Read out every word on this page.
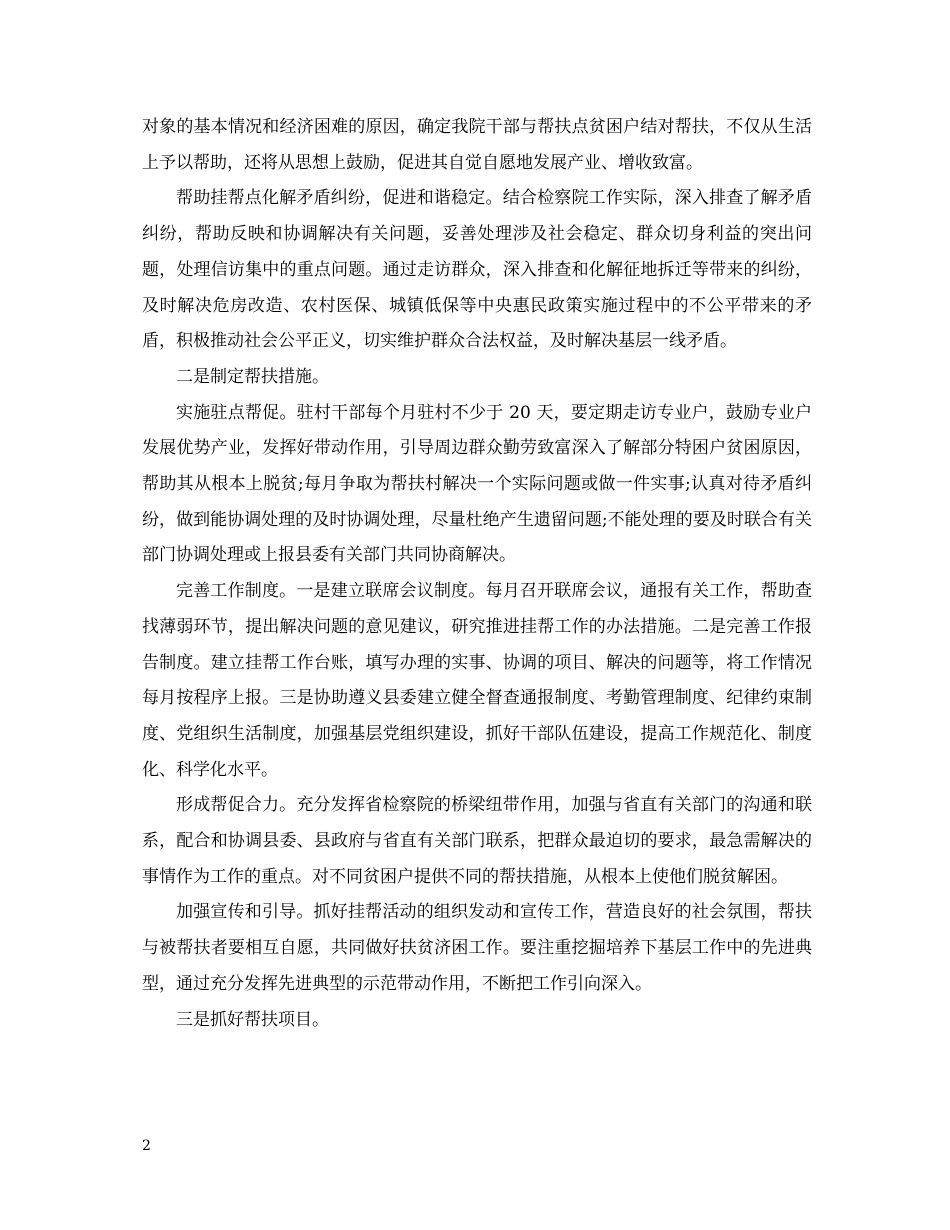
对象的基本情况和经济困难的原因，确定我院干部与帮扶点贫困户结对帮扶，不仅从生活上予以帮助，还将从思想上鼓励，促进其自觉自愿地发展产业、增收致富。

帮助挂帮点化解矛盾纠纷，促进和谐稳定。结合检察院工作实际，深入排查了解矛盾纠纷，帮助反映和协调解决有关问题，妥善处理涉及社会稳定、群众切身利益的突出问题，处理信访集中的重点问题。通过走访群众，深入排查和化解征地拆迁等带来的纠纷，及时解决危房改造、农村医保、城镇低保等中央惠民政策实施过程中的不公平带来的矛盾，积极推动社会公平正义，切实维护群众合法权益，及时解决基层一线矛盾。

二是制定帮扶措施。

实施驻点帮促。驻村干部每个月驻村不少于 20 天，要定期走访专业户，鼓励专业户发展优势产业，发挥好带动作用，引导周边群众勤劳致富深入了解部分特困户贫困原因，帮助其从根本上脱贫;每月争取为帮扶村解决一个实际问题或做一件实事;认真对待矛盾纠纷，做到能协调处理的及时协调处理，尽量杜绝产生遗留问题;不能处理的要及时联合有关部门协调处理或上报县委有关部门共同协商解决。

完善工作制度。一是建立联席会议制度。每月召开联席会议，通报有关工作，帮助查找薄弱环节，提出解决问题的意见建议，研究推进挂帮工作的办法措施。二是完善工作报告制度。建立挂帮工作台账，填写办理的实事、协调的项目、解决的问题等，将工作情况每月按程序上报。三是协助遵义县委建立健全督查通报制度、考勤管理制度、纪律约束制度、党组织生活制度，加强基层党组织建设，抓好干部队伍建设，提高工作规范化、制度化、科学化水平。

形成帮促合力。充分发挥省检察院的桥梁纽带作用，加强与省直有关部门的沟通和联系，配合和协调县委、县政府与省直有关部门联系，把群众最迫切的要求，最急需解决的事情作为工作的重点。对不同贫困户提供不同的帮扶措施，从根本上使他们脱贫解困。

加强宣传和引导。抓好挂帮活动的组织发动和宣传工作，营造良好的社会氛围，帮扶与被帮扶者要相互自愿，共同做好扶贫济困工作。要注重挖掘培养下基层工作中的先进典型，通过充分发挥先进典型的示范带动作用，不断把工作引向深入。

三是抓好帮扶项目。

2
